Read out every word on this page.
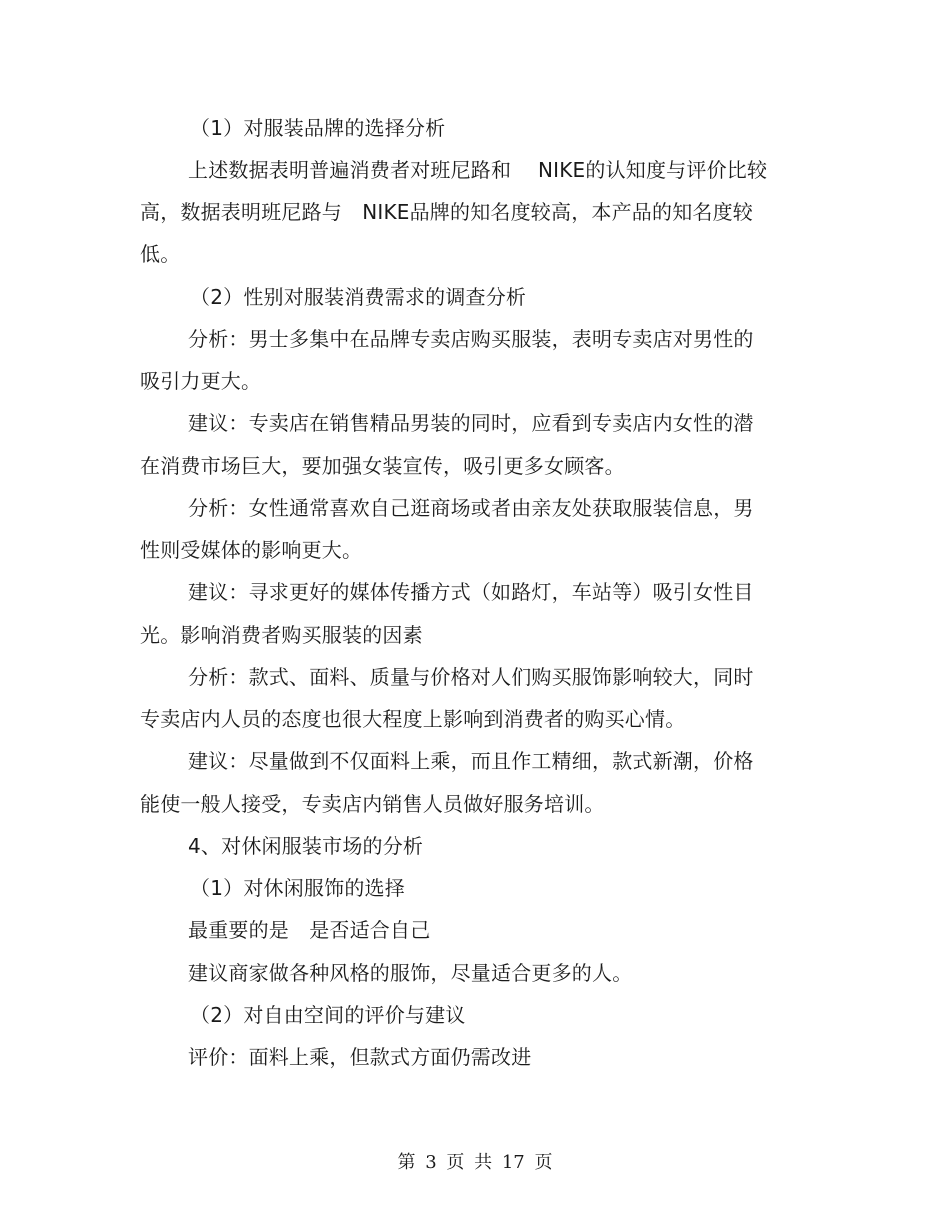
（1）对服装品牌的选择分析
上述数据表明普遍消费者对班尼路和　 NIKE的认知度与评价比较
高，数据表明班尼路与　NIKE品牌的知名度较高，本产品的知名度较
低。
（2）性别对服装消费需求的调查分析
分析：男士多集中在品牌专卖店购买服装，表明专卖店对男性的
吸引力更大。
建议：专卖店在销售精品男装的同时，应看到专卖店内女性的潜
在消费市场巨大，要加强女装宣传，吸引更多女顾客。
分析：女性通常喜欢自己逛商场或者由亲友处获取服装信息，男
性则受媒体的影响更大。
建议：寻求更好的媒体传播方式（如路灯，车站等）吸引女性目
光。影响消费者购买服装的因素
分析：款式、面料、质量与价格对人们购买服饰影响较大，同时
专卖店内人员的态度也很大程度上影响到消费者的购买心情。
建议：尽量做到不仅面料上乘，而且作工精细，款式新潮，价格
能使一般人接受，专卖店内销售人员做好服务培训。
4、对休闲服装市场的分析
（1）对休闲服饰的选择
最重要的是　是否适合自己
建议商家做各种风格的服饰，尽量适合更多的人。
（2）对自由空间的评价与建议
评价：面料上乘，但款式方面仍需改进
第 3 页 共 17 页
